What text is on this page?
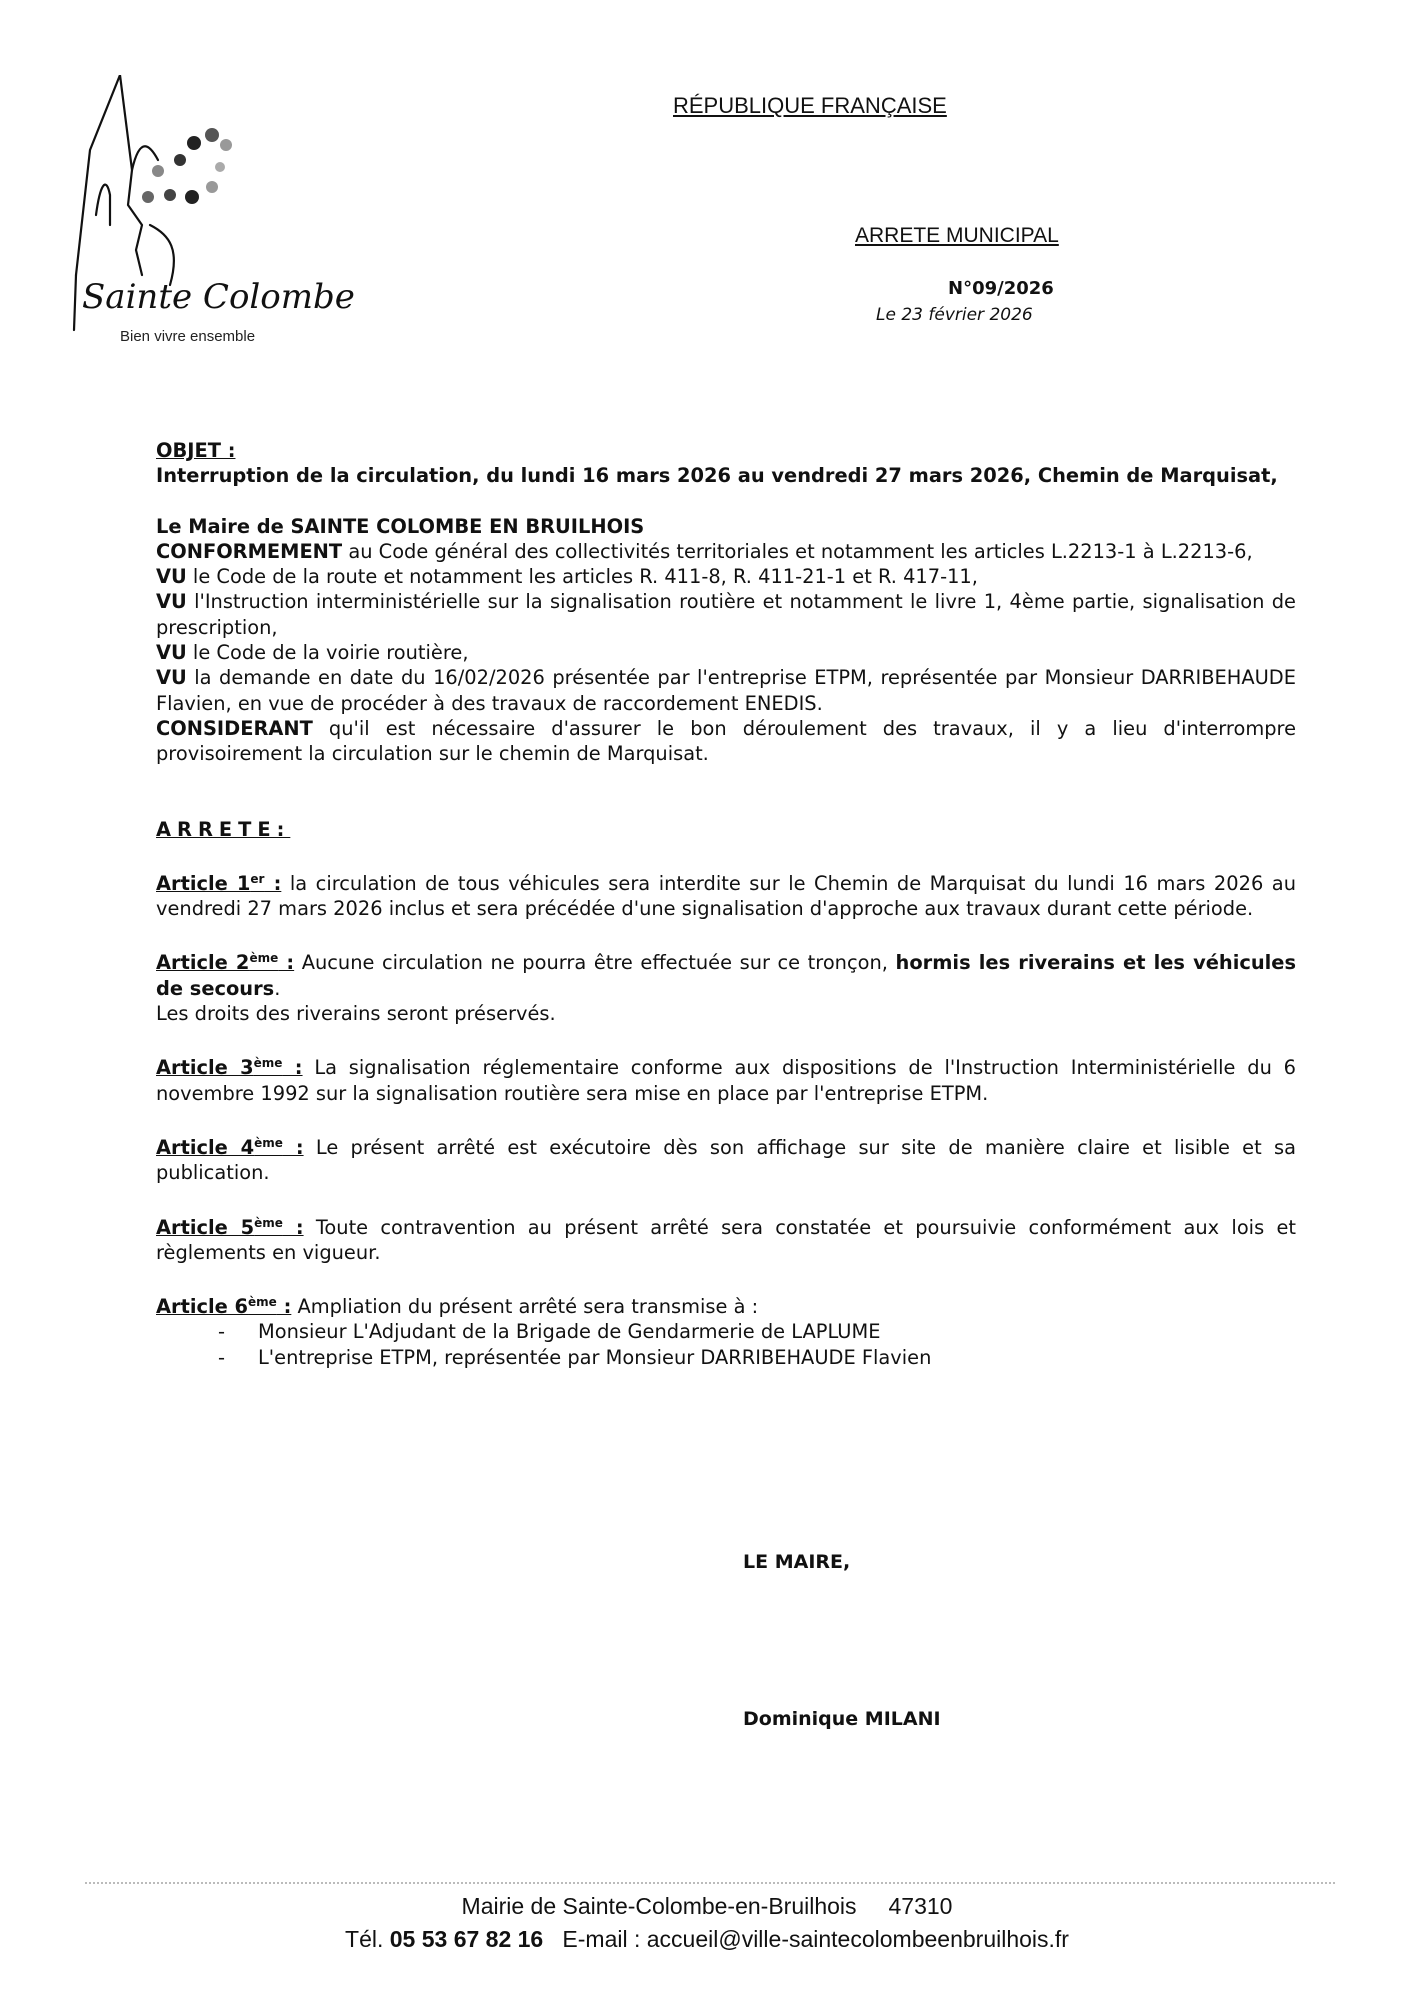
Sainte Colombe
Bien vivre ensemble
RÉPUBLIQUE FRANÇAISE
ARRETE MUNICIPAL
N°09/2026
Le 23 février 2026

OBJET :

Interruption de la circulation, du lundi 16 mars 2026 au vendredi 27 mars 2026, Chemin de Marquisat,

Le Maire de SAINTE COLOMBE EN BRUILHOIS

CONFORMEMENT au Code général des collectivités territoriales et notamment les articles L.2213-1 à L.2213-6,

VU le Code de la route et notamment les articles R. 411-8, R. 411-21-1 et R. 417-11,

VU l'Instruction interministérielle sur la signalisation routière et notamment le livre 1, 4ème partie, signalisation de prescription,

VU le Code de la voirie routière,

VU la demande en date du 16/02/2026 présentée par l'entreprise ETPM, représentée par Monsieur DARRIBEHAUDE Flavien, en vue de procéder à des travaux de raccordement ENEDIS.

CONSIDERANT qu'il est nécessaire d'assurer le bon déroulement des travaux, il y a lieu d'interrompre provisoirement la circulation sur le chemin de Marquisat.

ARRETE:

Article 1er : la circulation de tous véhicules sera interdite sur le Chemin de Marquisat du lundi 16 mars 2026 au vendredi 27 mars 2026 inclus et sera précédée d'une signalisation d'approche aux travaux durant cette période.

Article 2ème : Aucune circulation ne pourra être effectuée sur ce tronçon, hormis les riverains et les véhicules de secours.

Les droits des riverains seront préservés.

Article 3ème : La signalisation réglementaire conforme aux dispositions de l'Instruction Interministérielle du 6 novembre 1992 sur la signalisation routière sera mise en place par l'entreprise ETPM.

Article 4ème : Le présent arrêté est exécutoire dès son affichage sur site de manière claire et lisible et sa publication.

Article 5ème : Toute contravention au présent arrêté sera constatée et poursuivie conformément aux lois et règlements en vigueur.

Article 6ème : Ampliation du présent arrêté sera transmise à :

- Monsieur L'Adjudant de la Brigade de Gendarmerie de LAPLUME
- L'entreprise ETPM, représentée par Monsieur DARRIBEHAUDE Flavien
LE MAIRE,
Dominique MILANI
Mairie de Sainte-Colombe-en-Bruilhois     47310
Tél. 05 53 67 82 16   E-mail : accueil@ville-saintecolombeenbruilhois.fr
